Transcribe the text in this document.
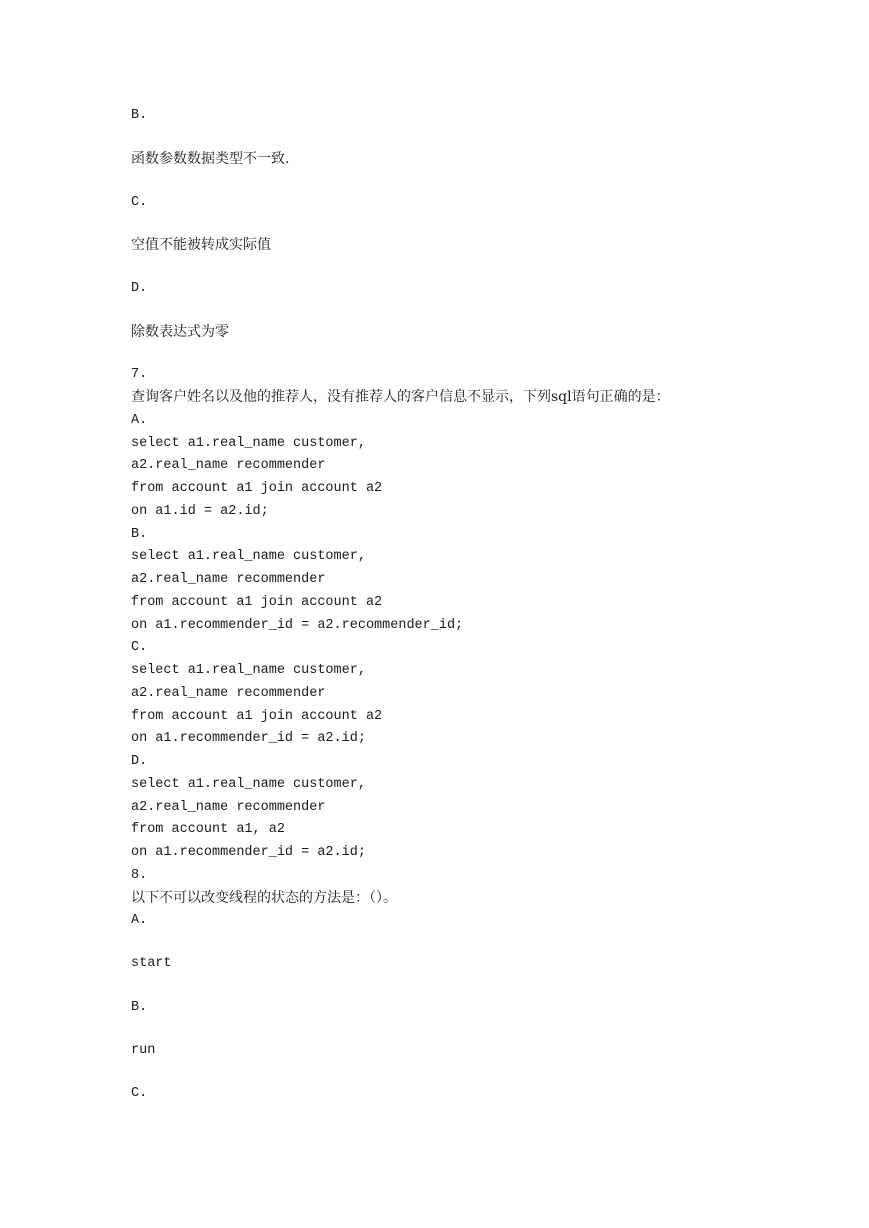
B.
函数参数数据类型不一致.
C.
空值不能被转成实际值
D.
除数表达式为零
7.
查询客户姓名以及他的推荐人，没有推荐人的客户信息不显示，下列sql语句正确的是：
A.
select a1.real_name customer,
a2.real_name recommender
from account a1 join account a2
on a1.id = a2.id;
B.
select a1.real_name customer,
a2.real_name recommender
from account a1 join account a2
on a1.recommender_id = a2.recommender_id;
C.
select a1.real_name customer,
a2.real_name recommender
from account a1 join account a2
on a1.recommender_id = a2.id;
D.
select a1.real_name customer,
a2.real_name recommender
from account a1, a2
on a1.recommender_id = a2.id;
8.
以下不可以改变线程的状态的方法是：（）。
A.
start
B.
run
C.
